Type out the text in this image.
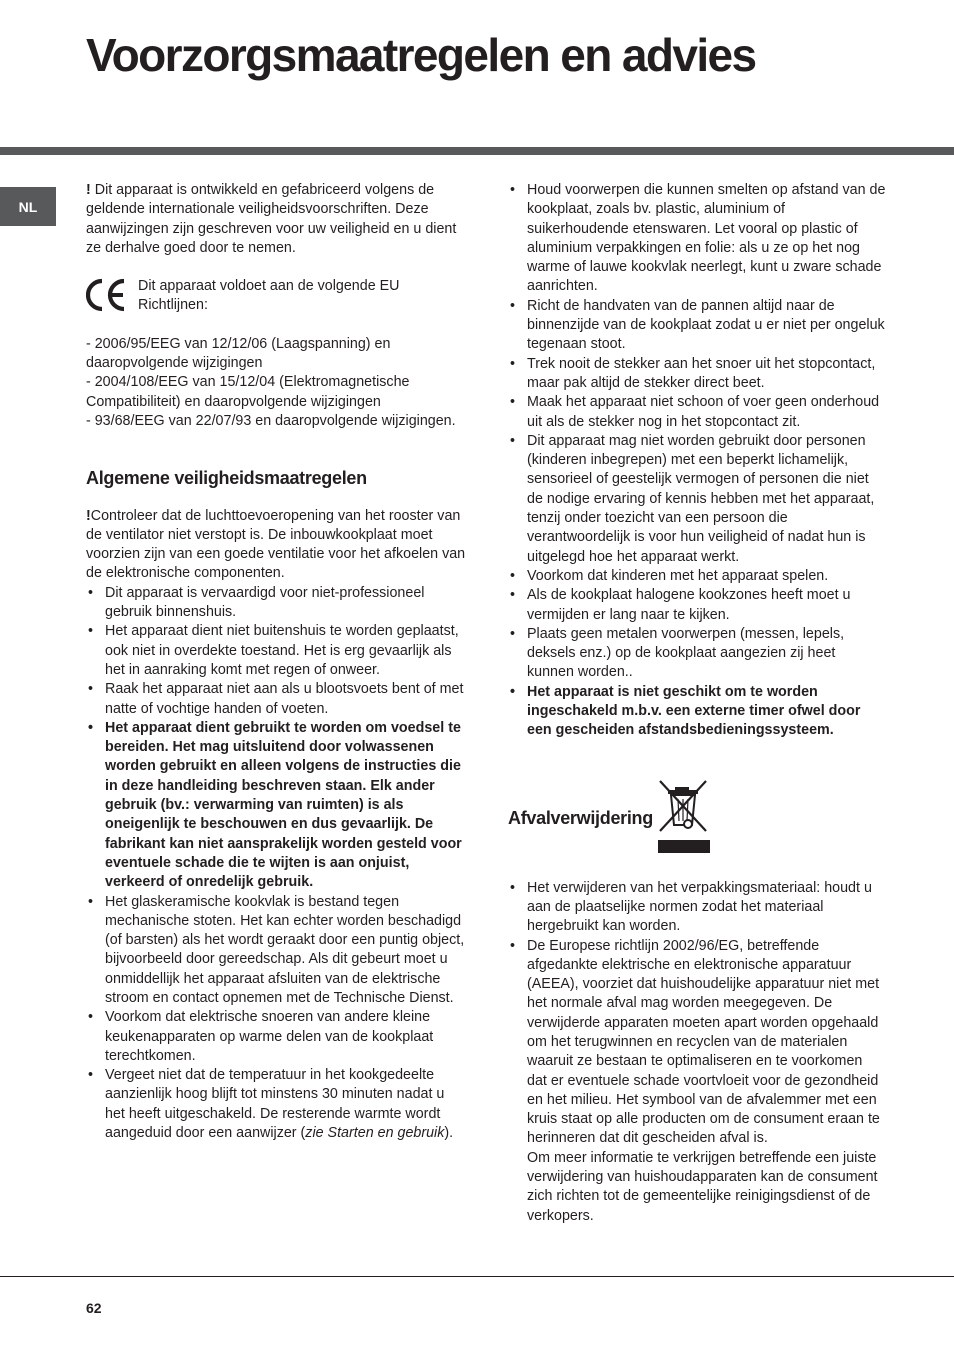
Voorzorgsmaatregelen en advies
NL

! Dit apparaat is ontwikkeld en gefabriceerd volgens de geldende internationale veiligheidsvoorschriften. Deze aanwijzingen zijn geschreven voor uw veiligheid en u dient ze derhalve goed door te nemen.

Dit apparaat voldoet aan de volgende EU Richtlijnen:

- 2006/95/EEG van 12/12/06 (Laagspanning) en daaropvolgende wijzigingen

- 2004/108/EEG van 15/12/04 (Elektromagnetische Compatibiliteit) en daaropvolgende wijzigingen

- 93/68/EEG van 22/07/93 en daaropvolgende wijzigingen.

Algemene veiligheidsmaatregelen

!Controleer dat de luchttoevoeropening van het rooster van de ventilator niet verstopt is. De inbouwkookplaat moet voorzien zijn van een goede ventilatie voor het afkoelen van de elektronische componenten.

• Dit apparaat is vervaardigd voor niet-professioneel gebruik binnenshuis.
• Het apparaat dient niet buitenshuis te worden geplaatst, ook niet in overdekte toestand. Het is erg gevaarlijk als het in aanraking komt met regen of onweer.
• Raak het apparaat niet aan als u blootsvoets bent of met natte of vochtige handen of voeten.
• Het apparaat dient gebruikt te worden om voedsel te bereiden. Het mag uitsluitend door volwassenen worden gebruikt en alleen volgens de instructies die in deze handleiding beschreven staan. Elk ander gebruik (bv.: verwarming van ruimten) is als oneigenlijk te beschouwen en dus gevaarlijk. De fabrikant kan niet aansprakelijk worden gesteld voor eventuele schade die te wijten is aan onjuist, verkeerd of onredelijk gebruik.
• Het glaskeramische kookvlak is bestand tegen mechanische stoten. Het kan echter worden beschadigd (of barsten) als het wordt geraakt door een puntig object, bijvoorbeeld door gereedschap. Als dit gebeurt moet u onmiddellijk het apparaat afsluiten van de elektrische stroom en contact opnemen met de Technische Dienst.
• Voorkom dat elektrische snoeren van andere kleine keukenapparaten op warme delen van de kookplaat terechtkomen.
• Vergeet niet dat de temperatuur in het kookgedeelte aanzienlijk hoog blijft tot minstens 30 minuten nadat u het heeft uitgeschakeld. De resterende warmte wordt aangeduid door een aanwijzer (zie Starten en gebruik).
• Houd voorwerpen die kunnen smelten op afstand van de kookplaat, zoals bv. plastic, aluminium of suikerhoudende etenswaren. Let vooral op plastic of aluminium verpakkingen en folie: als u ze op het nog warme of lauwe kookvlak neerlegt, kunt u zware schade aanrichten.
• Richt de handvaten van de pannen altijd naar de binnenzijde van de kookplaat zodat u er niet per ongeluk tegenaan stoot.
• Trek nooit de stekker aan het snoer uit het stopcontact, maar pak altijd de stekker direct beet.
• Maak het apparaat niet schoon of voer geen onderhoud uit als de stekker nog in het stopcontact zit.
• Dit apparaat mag niet worden gebruikt door personen (kinderen inbegrepen) met een beperkt lichamelijk, sensorieel of geestelijk vermogen of personen die niet de nodige ervaring of kennis hebben met het apparaat, tenzij onder toezicht van een persoon die verantwoordelijk is voor hun veiligheid of nadat hun is uitgelegd hoe het apparaat werkt.
• Voorkom dat kinderen met het apparaat spelen.
• Als de kookplaat halogene kookzones heeft moet u vermijden er lang naar te kijken.
• Plaats geen metalen voorwerpen (messen, lepels, deksels enz.) op de kookplaat aangezien zij heet kunnen worden..
• Het apparaat is niet geschikt om te worden ingeschakeld m.b.v. een externe timer ofwel door een gescheiden afstandsbedieningssysteem.
Afvalverwijdering
• Het verwijderen van het verpakkingsmateriaal: houdt u aan de plaatselijke normen zodat het materiaal hergebruikt kan worden.
• De Europese richtlijn 2002/96/EG, betreffende afgedankte elektrische en elektronische apparatuur (AEEA), voorziet dat huishoudelijke apparatuur niet met het normale afval mag worden meegegeven. De verwijderde apparaten moeten apart worden opgehaald om het terugwinnen en recyclen van de materialen waaruit ze bestaan te optimaliseren en te voorkomen dat er eventuele schade voortvloeit voor de gezondheid en het milieu. Het symbool van de afvalemmer met een kruis staat op alle producten om de consument eraan te herinneren dat dit gescheiden afval is.
Om meer informatie te verkrijgen betreffende een juiste verwijdering van huishoudapparaten kan de consument zich richten tot de gemeentelijke reinigingsdienst of de verkopers.
62
